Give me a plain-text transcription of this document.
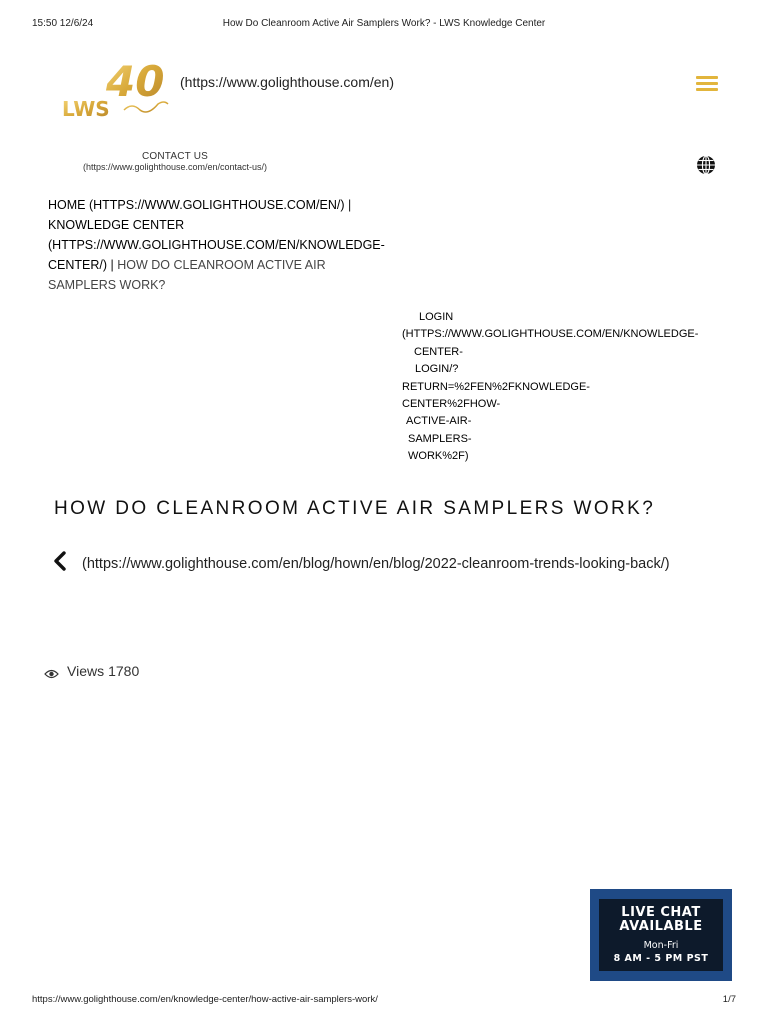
15:50 12/6/24	How Do Cleanroom Active Air Samplers Work? - LWS Knowledge Center
40
LWS
(https://www.golighthouse.com/en)
CONTACT US
(https://www.golighthouse.com/en/contact-us/)
HOME (HTTPS://WWW.GOLIGHTHOUSE.COM/EN/) | KNOWLEDGE CENTER (HTTPS://WWW.GOLIGHTHOUSE.COM/EN/KNOWLEDGE-CENTER/) | HOW DO CLEANROOM ACTIVE AIR SAMPLERS WORK?
LOGIN
(HTTPS://WWW.GOLIGHTHOUSE.COM/EN/KNOWLEDGE-
CENTER-
LOGIN/?
RETURN=%2FEN%2FKNOWLEDGE-
CENTER%2FHOW-
ACTIVE-AIR-
SAMPLERS-
WORK%2F)
HOW DO CLEANROOM ACTIVE AIR SAMPLERS WORK?
(https://www.golighthouse.com/en/blog/hown/en/blog/2022-cleanroom-trends-looking-back/)
Views 1780
LIVE CHAT
AVAILABLE
Mon-Fri
8 AM - 5 PM PST
https://www.golighthouse.com/en/knowledge-center/how-active-air-samplers-work/	1/7
